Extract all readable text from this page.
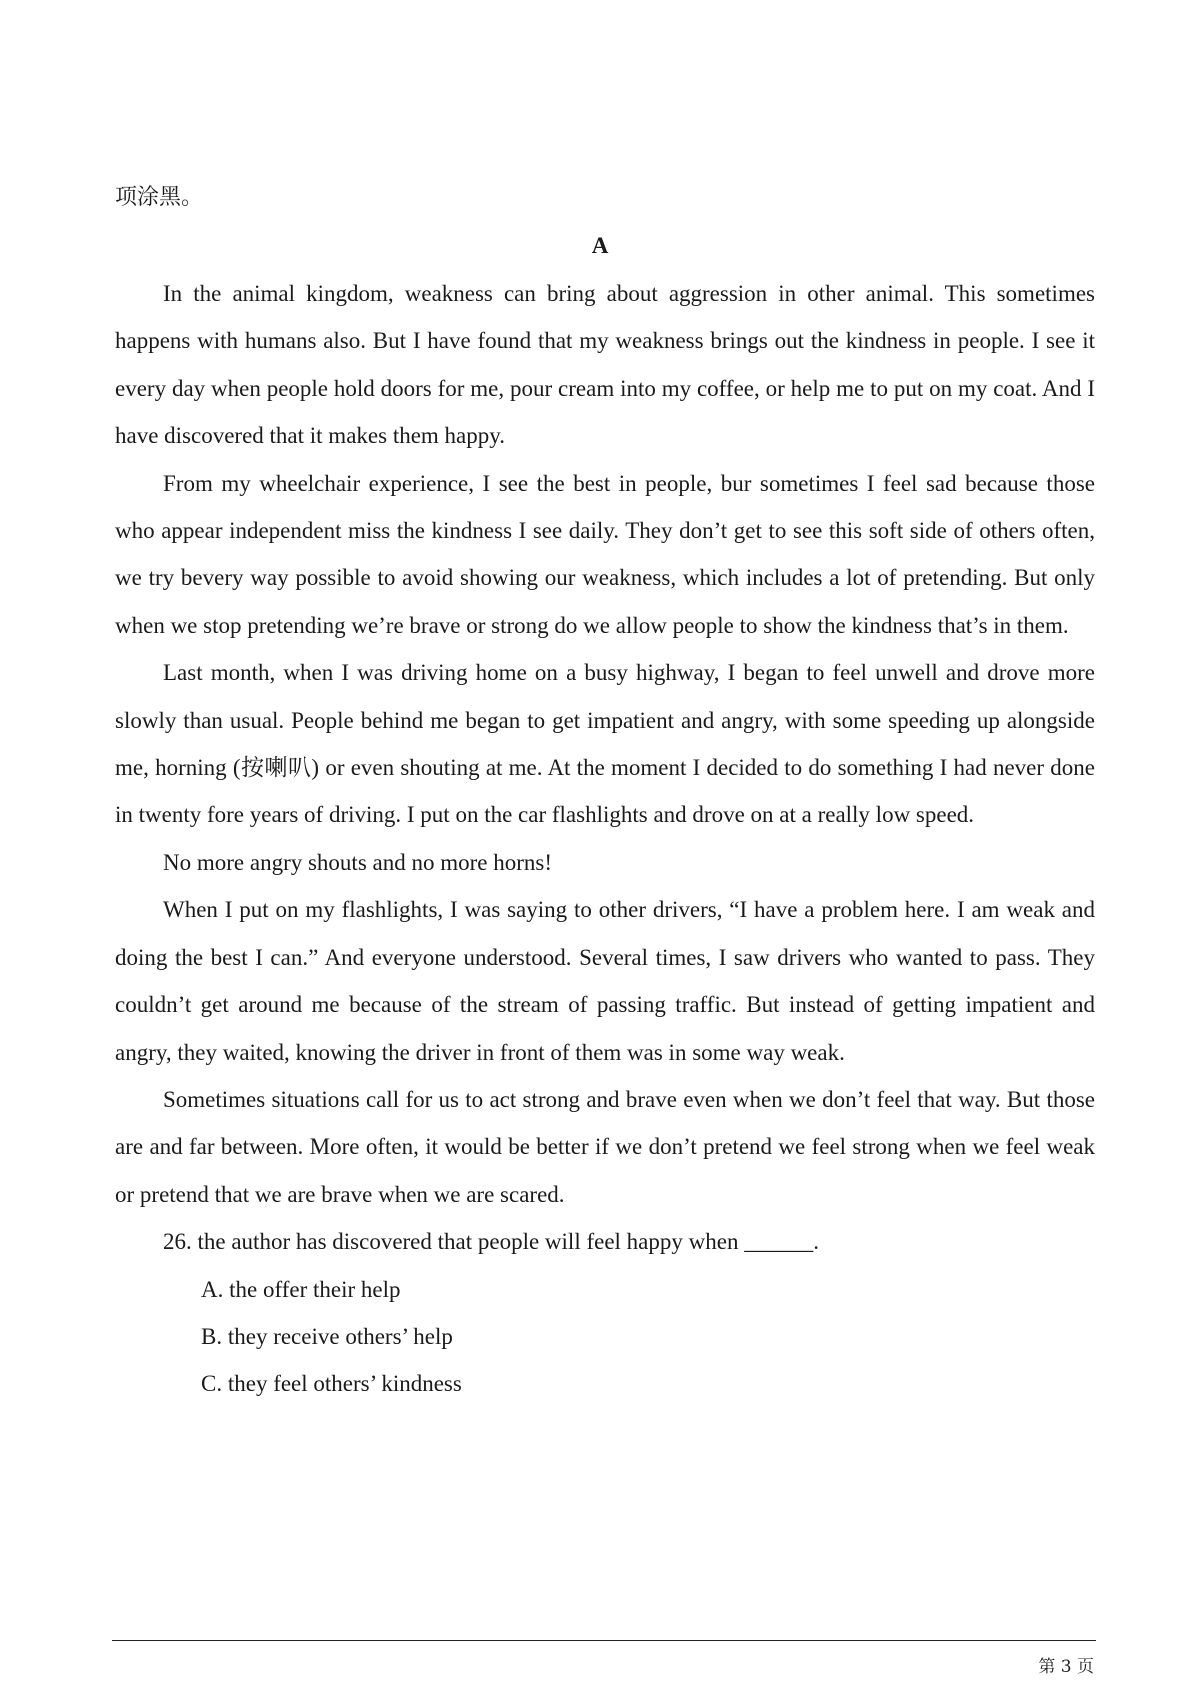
项涂黑。
A

In the animal kingdom, weakness can bring about aggression in other animal. This sometimes happens with humans also. But I have found that my weakness brings out the kindness in people. I see it every day when people hold doors for me, pour cream into my coffee, or help me to put on my coat. And I have discovered that it makes them happy.

From my wheelchair experience, I see the best in people, bur sometimes I feel sad because those who appear independent miss the kindness I see daily. They don’t get to see this soft side of others often, we try bevery way possible to avoid showing our weakness, which includes a lot of pretending. But only when we stop pretending we’re brave or strong do we allow people to show the kindness that’s in them.

Last month, when I was driving home on a busy highway, I began to feel unwell and drove more slowly than usual. People behind me began to get impatient and angry, with some speeding up alongside me, horning (按喇叭) or even shouting at me. At the moment I decided to do something I had never done in twenty fore years of driving. I put on the car flashlights and drove on at a really low speed.

No more angry shouts and no more horns!

When I put on my flashlights, I was saying to other drivers, “I have a problem here. I am weak and doing the best I can.” And everyone understood. Several times, I saw drivers who wanted to pass. They couldn’t get around me because of the stream of passing traffic. But instead of getting impatient and angry, they waited, knowing the driver in front of them was in some way weak.

Sometimes situations call for us to act strong and brave even when we don’t feel that way. But those are and far between. More often, it would be better if we don’t pretend we feel strong when we feel weak or pretend that we are brave when we are scared.

26. the author has discovered that people will feel happy when ______.

A. the offer their help

B. they receive others’ help

C. they feel others’ kindness

第 3 页
